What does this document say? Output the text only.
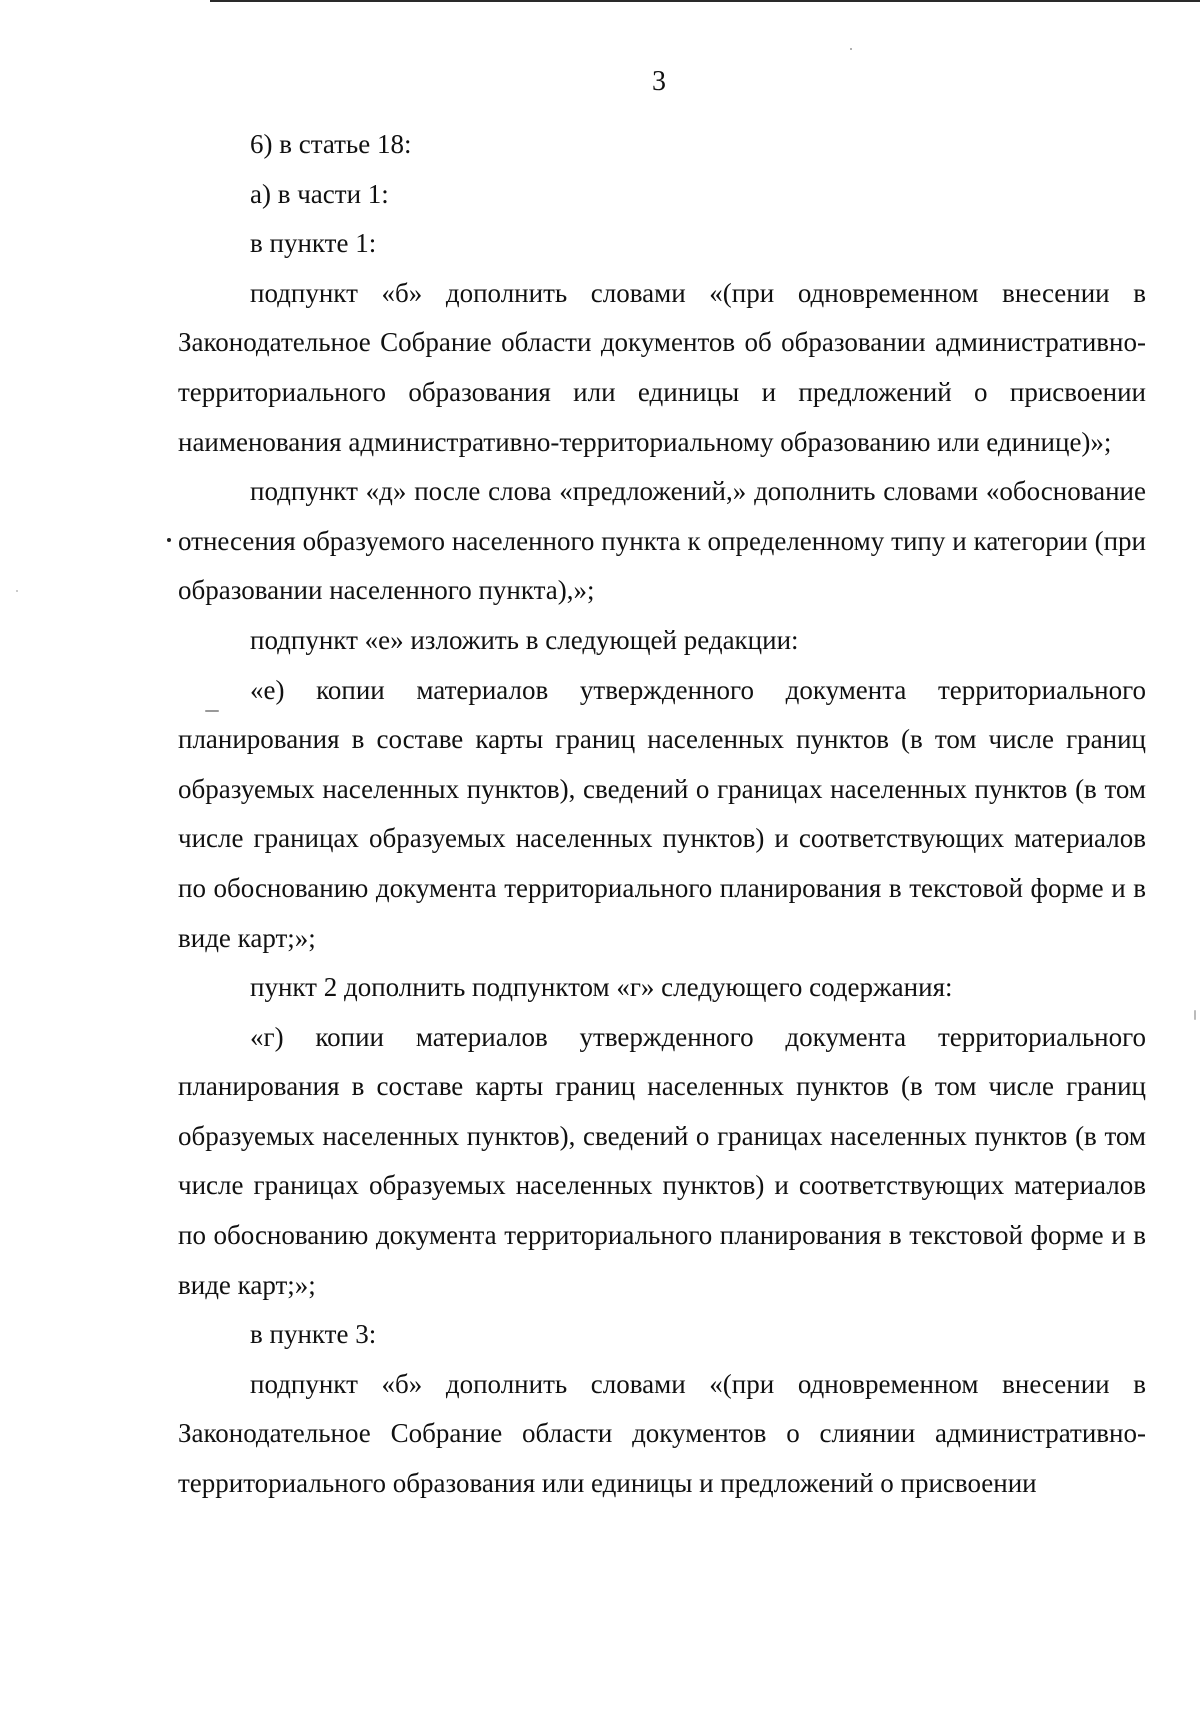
3

6) в статье 18:

а) в части 1:

в пункте 1:

подпункт «б» дополнить словами «(при одновременном внесении в Законодательное Собрание области документов об образовании административно-территориального образования или единицы и предложений о присвоении наименования административно-территориальному образованию или единице)»;

подпункт «д» после слова «предложений,» дополнить словами «обоснование отнесения образуемого населенного пункта к определенному типу и категории (при образовании населенного пункта),»;

подпункт «е» изложить в следующей редакции:

«е) копии материалов утвержденного документа территориального планирования в составе карты границ населенных пунктов (в том числе границ образуемых населенных пунктов), сведений о границах населенных пунктов (в том числе границах образуемых населенных пунктов) и соответствующих материалов по обоснованию документа территориального планирования в текстовой форме и в виде карт;»;

пункт 2 дополнить подпунктом «г» следующего содержания:

«г) копии материалов утвержденного документа территориального планирования в составе карты границ населенных пунктов (в том числе границ образуемых населенных пунктов), сведений о границах населенных пунктов (в том числе границах образуемых населенных пунктов) и соответствующих материалов по обоснованию документа территориального планирования в текстовой форме и в виде карт;»;

в пункте 3:

подпункт «б» дополнить словами «(при одновременном внесении в Законодательное Собрание области документов о слиянии административно-территориального образования или единицы и предложений о присвоении
